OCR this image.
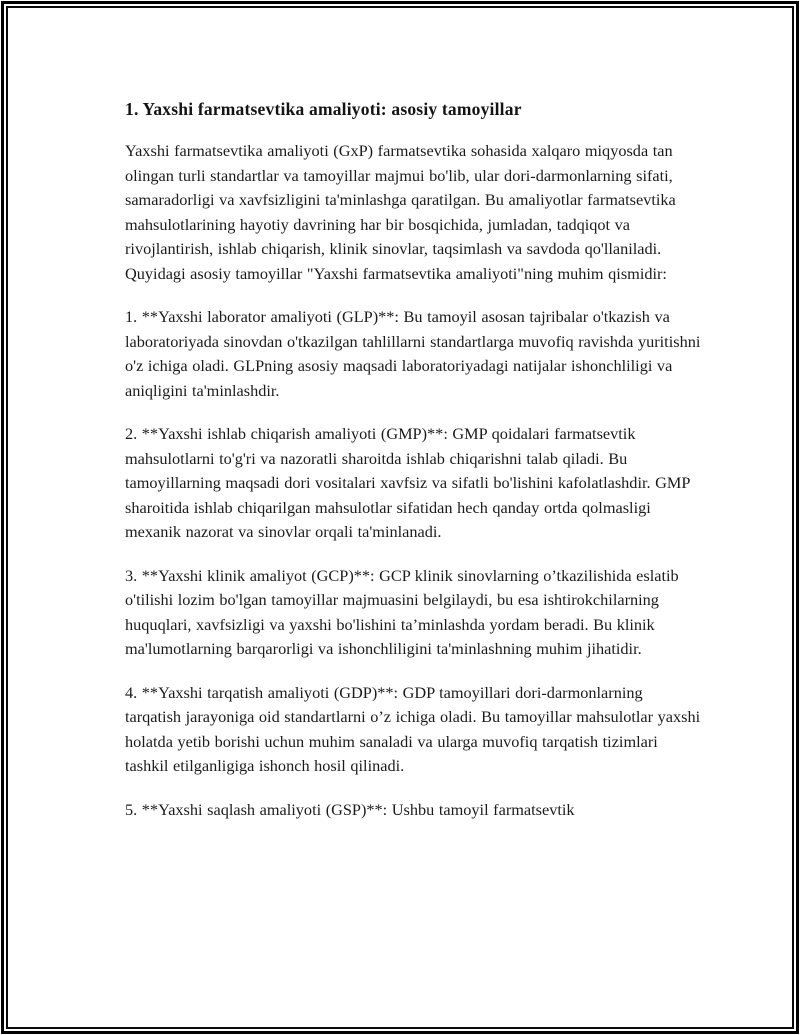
1. Yaxshi farmatsevtika amaliyoti: asosiy tamoyillar

Yaxshi farmatsevtika amaliyoti (GxP) farmatsevtika sohasida xalqaro miqyosda tan olingan turli standartlar va tamoyillar majmui bo'lib, ular dori-darmonlarning sifati, samaradorligi va xavfsizligini ta'minlashga qaratilgan. Bu amaliyotlar farmatsevtika mahsulotlarining hayotiy davrining har bir bosqichida, jumladan, tadqiqot va rivojlantirish, ishlab chiqarish, klinik sinovlar, taqsimlash va savdoda qo'llaniladi. Quyidagi asosiy tamoyillar "Yaxshi farmatsevtika amaliyoti"ning muhim qismidir:

1. **Yaxshi laborator amaliyoti (GLP)**: Bu tamoyil asosan tajribalar o'tkazish va laboratoriyada sinovdan o'tkazilgan tahlillarni standartlarga muvofiq ravishda yuritishni o'z ichiga oladi. GLPning asosiy maqsadi laboratoriyadagi natijalar ishonchliligi va aniqligini ta'minlashdir.

2. **Yaxshi ishlab chiqarish amaliyoti (GMP)**: GMP qoidalari farmatsevtik mahsulotlarni to'g'ri va nazoratli sharoitda ishlab chiqarishni talab qiladi. Bu tamoyillarning maqsadi dori vositalari xavfsiz va sifatli bo'lishini kafolatlashdir. GMP sharoitida ishlab chiqarilgan mahsulotlar sifatidan hech qanday ortda qolmasligi mexanik nazorat va sinovlar orqali ta'minlanadi.

3. **Yaxshi klinik amaliyot (GCP)**: GCP klinik sinovlarning o’tkazilishida eslatib o'tilishi lozim bo'lgan tamoyillar majmuasini belgilaydi, bu esa ishtirokchilarning huquqlari, xavfsizligi va yaxshi bo'lishini ta’minlashda yordam beradi. Bu klinik ma'lumotlarning barqarorligi va ishonchliligini ta'minlashning muhim jihatidir.

4. **Yaxshi tarqatish amaliyoti (GDP)**: GDP tamoyillari dori-darmonlarning tarqatish jarayoniga oid standartlarni o’z ichiga oladi. Bu tamoyillar mahsulotlar yaxshi holatda yetib borishi uchun muhim sanaladi va ularga muvofiq tarqatish tizimlari tashkil etilganligiga ishonch hosil qilinadi.

5. **Yaxshi saqlash amaliyoti (GSP)**: Ushbu tamoyil farmatsevtik
